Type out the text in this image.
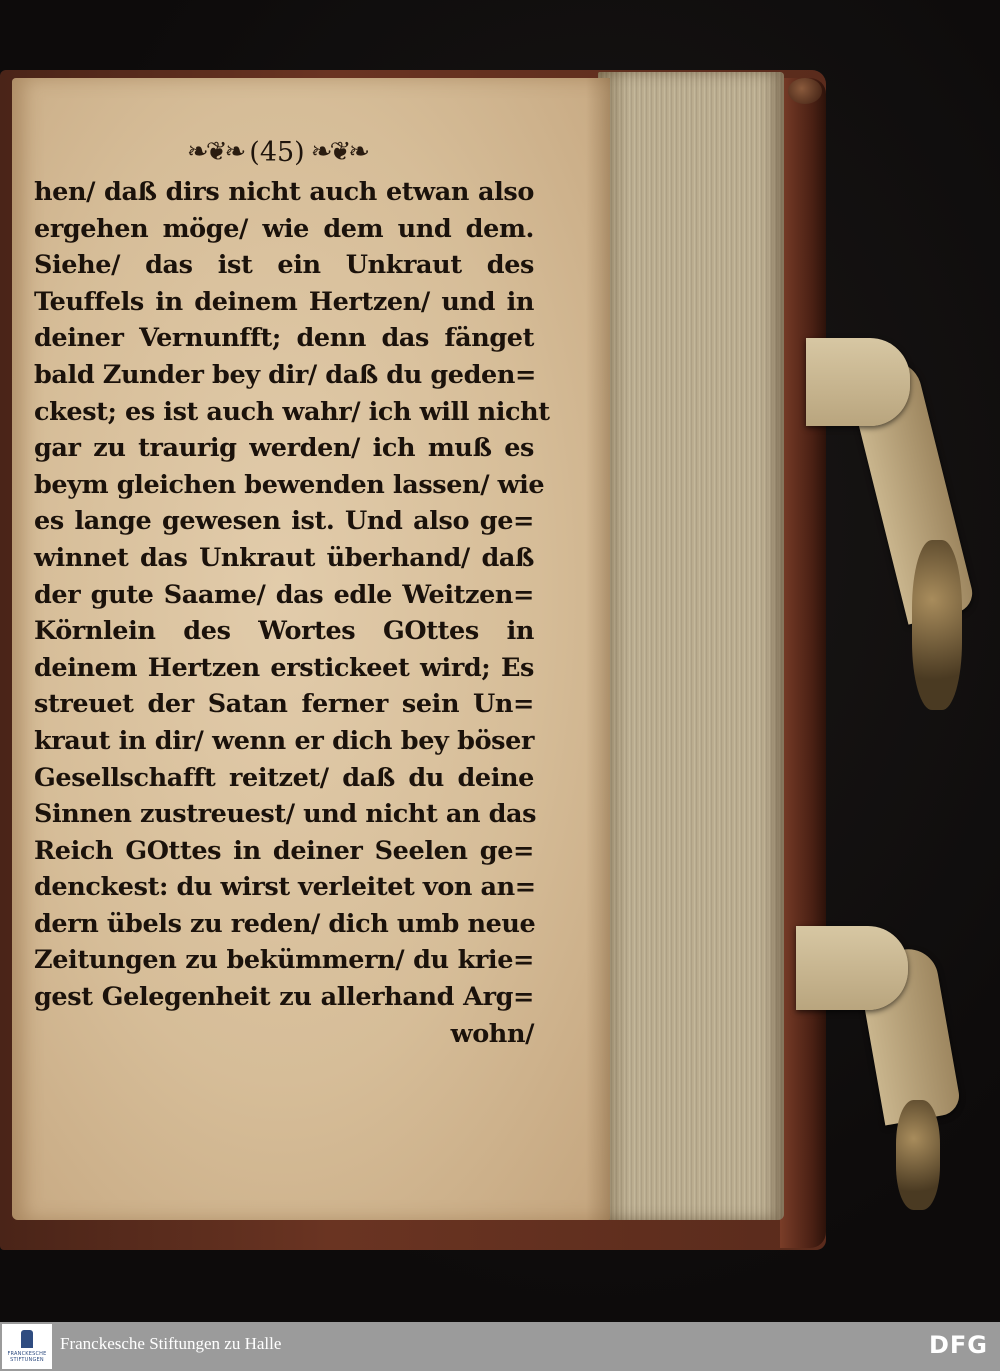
❧❦❧ (45) ❧❦❧
hen/ daß dirs nicht auch etwan also
ergehen möge/ wie dem und dem.
Siehe/ das ist ein Unkraut des
Teuffels in deinem Hertzen/ und in
deiner Vernunfft; denn das fänget
bald Zunder bey dir/ daß du geden=
ckest; es ist auch wahr/ ich will nicht
gar zu traurig werden/ ich muß es
beym gleichen bewenden lassen/ wie
es lange gewesen ist. Und also ge=
winnet das Unkraut überhand/ daß
der gute Saame/ das edle Weitzen=
Körnlein des Wortes GOttes in
deinem Hertzen erstickeet wird; Es
streuet der Satan ferner sein Un=
kraut in dir/ wenn er dich bey böser
Gesellschafft reitzet/ daß du deine
Sinnen zustreuest/ und nicht an das
Reich GOttes in deiner Seelen ge=
denckest: du wirst verleitet von an=
dern übels zu reden/ dich umb neue
Zeitungen zu bekümmern/ du krie=
gest Gelegenheit zu allerhand Arg=
wohn/
FRANCKESCHE STIFTUNGEN
Franckesche Stiftungen zu Halle	DFG
